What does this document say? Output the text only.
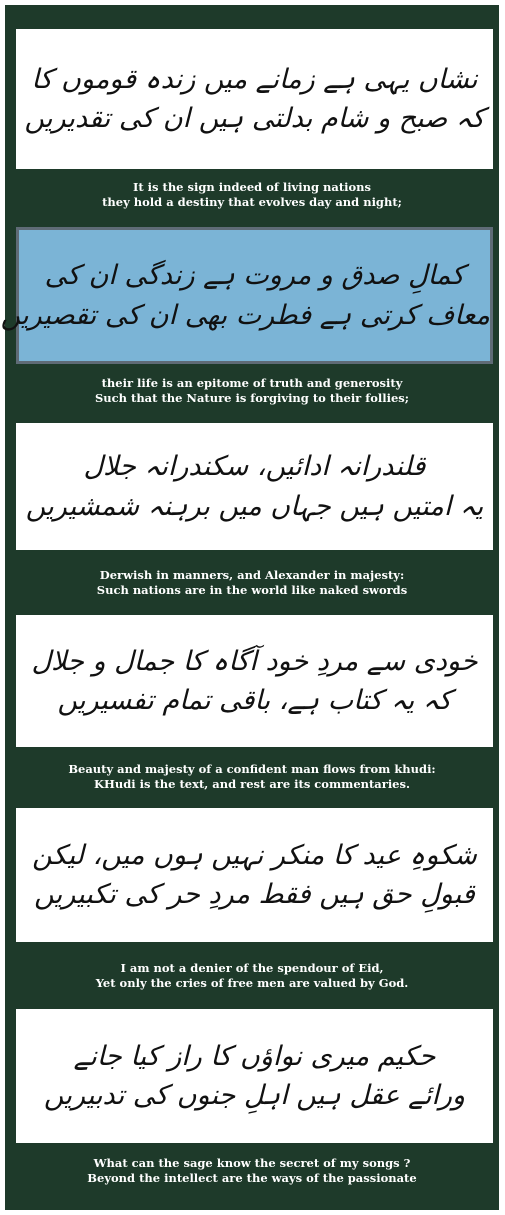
نشاں یہی ہے زمانے میں زندہ قوموں کا
کہ صبح و شام بدلتی ہیں ان کی تقدیریں
It is the sign indeed of living nations
they hold a destiny that evolves day and night;
کمالِ صدق و مروت ہے زندگی ان کی
معاف کرتی ہے فطرت بھی ان کی تقصیریں
their life is an epitome of truth and generosity
Such that the Nature is forgiving to their follies;
قلندرانہ ادائیں، سکندرانہ جلال
یہ امتیں ہیں جہاں میں برہنہ شمشیریں
Derwish in manners, and Alexander in majesty:
Such nations are in the world like naked swords
خودی سے مردِ خود آگاہ کا جمال و جلال
کہ یہ کتاب ہے، باقی تمام تفسیریں
Beauty and majesty of a confident man flows from khudi:
KHudi is the text, and rest are its commentaries.
شکوہِ عید کا منکر نہیں ہوں میں، لیکن
قبولِ حق ہیں فقط مردِ حر کی تکبیریں
I am not a denier of the spendour of Eid,
Yet only the cries of free men are valued by God.
حکیم میری نواؤں کا راز کیا جانے
ورائے عقل ہیں اہلِ جنوں کی تدبیریں
What can the sage know the secret of my songs ?
Beyond the intellect are the ways of the passionate
